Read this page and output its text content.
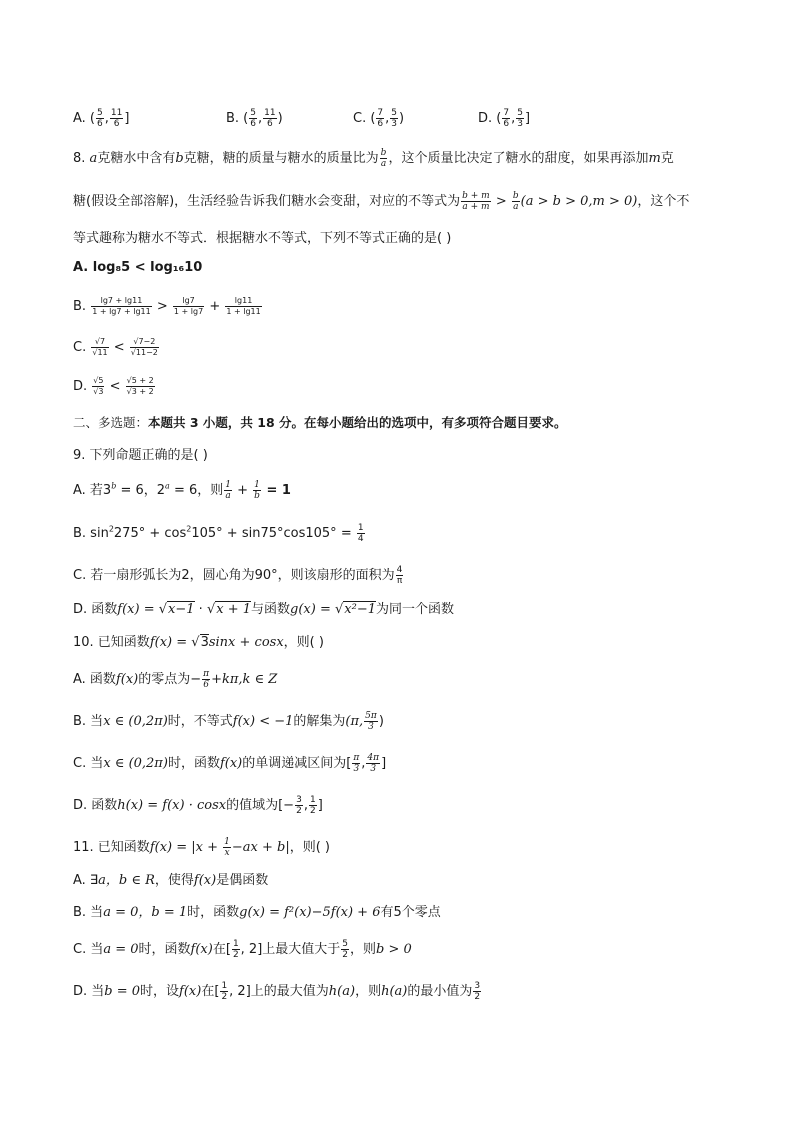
A. ( $\frac{5}{6}$ , $\frac{11}{6}$ ]	B. ( $\frac{5}{6}$ , $\frac{11}{6}$ )	C. ( $\frac{7}{6}$ , $\frac{5}{3}$ )	D. ( $\frac{7}{6}$ , $\frac{5}{3}$ ]
8. a克糖水中含有b克糖，糖的质量与糖水的质量比为 $\frac{b}{a}$ ，这个质量比决定了糖水的甜度，如果再添加m克
糖(假设全部溶解)，生活经验告诉我们糖水会变甜，对应的不等式为 $\frac{b + m}{a + m} > \frac{b}{a} (a > b > 0,m > 0)$，这个不
等式趣称为糖水不等式．根据糖水不等式，下列不等式正确的是( )
A. log₈5 < log₁₆10
B. $\frac{\lg 7 + \lg 11}{1 + \lg 7 + \lg 11} > \frac{\lg 7}{1 + \lg 7} + \frac{\lg 11}{1 + \lg 11}$
C. $\frac{√7}{√11} < \frac{√7-2}{√11-2}$
D. $\frac{√5}{√3} < \frac{√5 + 2}{√3 + 2}$
二、多选题：本题共 3 小题，共 18 分。在每小题给出的选项中，有多项符合题目要求。
9. 下列命题正确的是( )
A. 若$3^b = 6$，$2^a = 6$，则 $\frac{1}{a} + \frac{1}{b} = 1$
B. $\sin^2275^\circ + \cos^2105^\circ + \sin 75^\circ\cos 105^\circ = \frac{1}{4}$
C. 若一扇形弧长为2，圆心角为90°，则该扇形的面积为 $\frac{4}{\pi}$
D. 函数f(x) = √x−1 · √x + 1与函数g(x) = √x²−1为同一个函数
10. 已知函数f(x) = √3sinx + cosx，则( )
A. 函数f(x)的零点为− $\frac{\pi}{6} +k\pi,k$ ∈ Z
B. 当x ∈ (0,2π)时，不等式f(x) < −1的解集为(π, $\frac{5\pi}{3}$ )
C. 当x ∈ (0,2π)时，函数f(x)的单调递减区间为[ $\frac{\pi}{3}$ , $\frac{4\pi}{3}$ ]
D. 函数h(x) = f(x) · cosx的值域为[− $\frac{3}{2}$ , $\frac{1}{2}$ ]
11. 已知函数$f(x) = |x + \frac{1}{x} -ax + b|$，则( )
A. ∃a，b ∈ R，使得f(x)是偶函数
B. 当a = 0，b = 1时，函数g(x) = f²(x)−5f(x) + 6有5个零点
C. 当a = 0时，函数f(x)在[ $\frac{1}{2}$ , 2]上最大值大于 $\frac{5}{2}$ ，则b > 0
D. 当b = 0时，设f(x)在[ $\frac{1}{2}$ , 2]上的最大值为h(a)，则h(a)的最小值为 $\frac{3}{2}$
